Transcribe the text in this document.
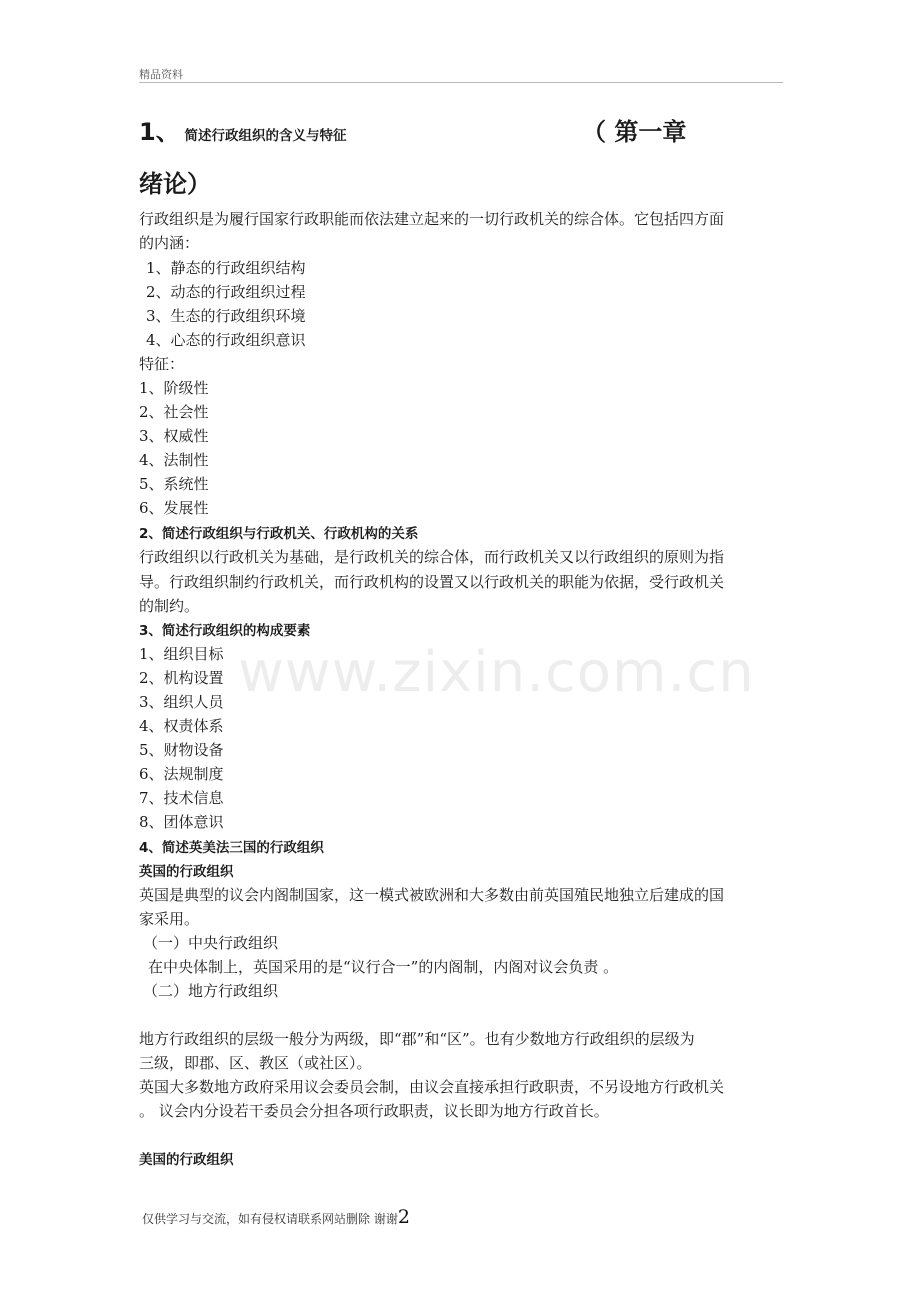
精品资料
1、 简述行政组织的含义与特征	（ 第一章
绪论）
行政组织是为履行国家行政职能而依法建立起来的一切行政机关的综合体。它包括四方面
的内涵：
1、静态的行政组织结构
2、动态的行政组织过程
3、生态的行政组织环境
4、心态的行政组织意识
特征：
1、阶级性
2、社会性
3、权威性
4、法制性
5、系统性
6、发展性
2、简述行政组织与行政机关、行政机构的关系
行政组织以行政机关为基础，是行政机关的综合体，而行政机关又以行政组织的原则为指
导。行政组织制约行政机关，而行政机构的设置又以行政机关的职能为依据，受行政机关
的制约。
3、简述行政组织的构成要素
1、组织目标
2、机构设置
3、组织人员
4、权责体系
5、财物设备
6、法规制度
7、技术信息
8、团体意识
4、简述英美法三国的行政组织
英国的行政组织
英国是典型的议会内阁制国家，这一模式被欧洲和大多数由前英国殖民地独立后建成的国
家采用。
（一）中央行政组织
在中央体制上，英国采用的是“议行合一”的内阁制，内阁对议会负责 。
（二）地方行政组织
地方行政组织的层级一般分为两级，即“郡”和“区”。也有少数地方行政组织的层级为
三级，即郡、区、教区（或社区）。
英国大多数地方政府采用议会委员会制，由议会直接承担行政职责，不另设地方行政机关
。 议会内分设若干委员会分担各项行政职责，议长即为地方行政首长。
美国的行政组织
www.zixin.com.cn
仅供学习与交流，如有侵权请联系网站删除 谢谢2
